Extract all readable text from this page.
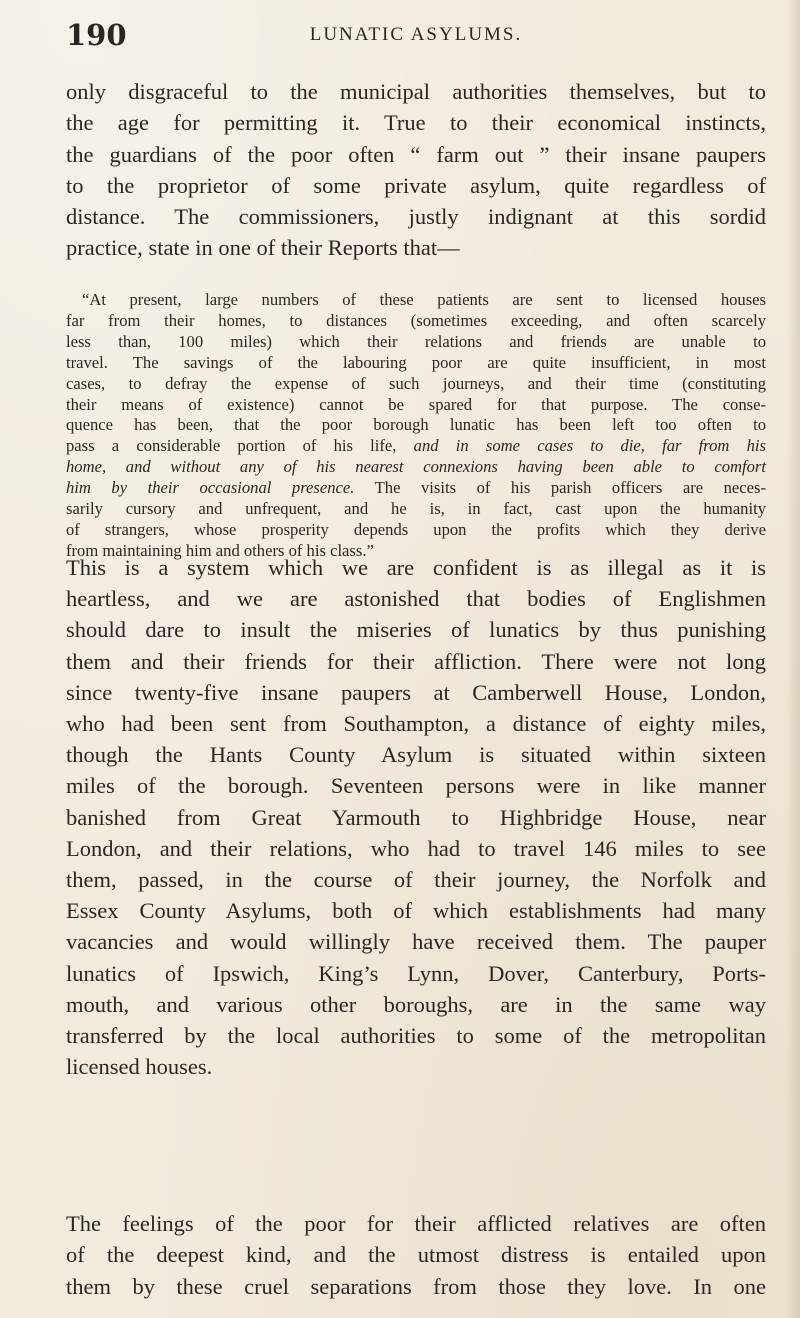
190	LUNATIC ASYLUMS.
only disgraceful to the municipal authorities themselves, but to
the age for permitting it. True to their economical instincts,
the guardians of the poor often “ farm out ” their insane paupers
to the proprietor of some private asylum, quite regardless of
distance. The commissioners, justly indignant at this sordid
practice, state in one of their Reports that—
“At present, large numbers of these patients are sent to licensed houses
far from their homes, to distances (sometimes exceeding, and often scarcely
less than, 100 miles) which their relations and friends are unable to
travel. The savings of the labouring poor are quite insufficient, in most
cases, to defray the expense of such journeys, and their time (constituting
their means of existence) cannot be spared for that purpose. The conse-
quence has been, that the poor borough lunatic has been left too often to
pass a considerable portion of his life, and in some cases to die, far from his
home, and without any of his nearest connexions having been able to comfort
him by their occasional presence. The visits of his parish officers are neces-
sarily cursory and unfrequent, and he is, in fact, cast upon the humanity
of strangers, whose prosperity depends upon the profits which they derive
from maintaining him and others of his class.”
This is a system which we are confident is as illegal as it is
heartless, and we are astonished that bodies of Englishmen
should dare to insult the miseries of lunatics by thus punishing
them and their friends for their affliction. There were not long
since twenty-five insane paupers at Camberwell House, London,
who had been sent from Southampton, a distance of eighty miles,
though the Hants County Asylum is situated within sixteen
miles of the borough. Seventeen persons were in like manner
banished from Great Yarmouth to Highbridge House, near
London, and their relations, who had to travel 146 miles to see
them, passed, in the course of their journey, the Norfolk and
Essex County Asylums, both of which establishments had many
vacancies and would willingly have received them. The pauper
lunatics of Ipswich, King’s Lynn, Dover, Canterbury, Ports-
mouth, and various other boroughs, are in the same way
transferred by the local authorities to some of the metropolitan
licensed houses.
The feelings of the poor for their afflicted relatives are often
of the deepest kind, and the utmost distress is entailed upon
them by these cruel separations from those they love. In one
